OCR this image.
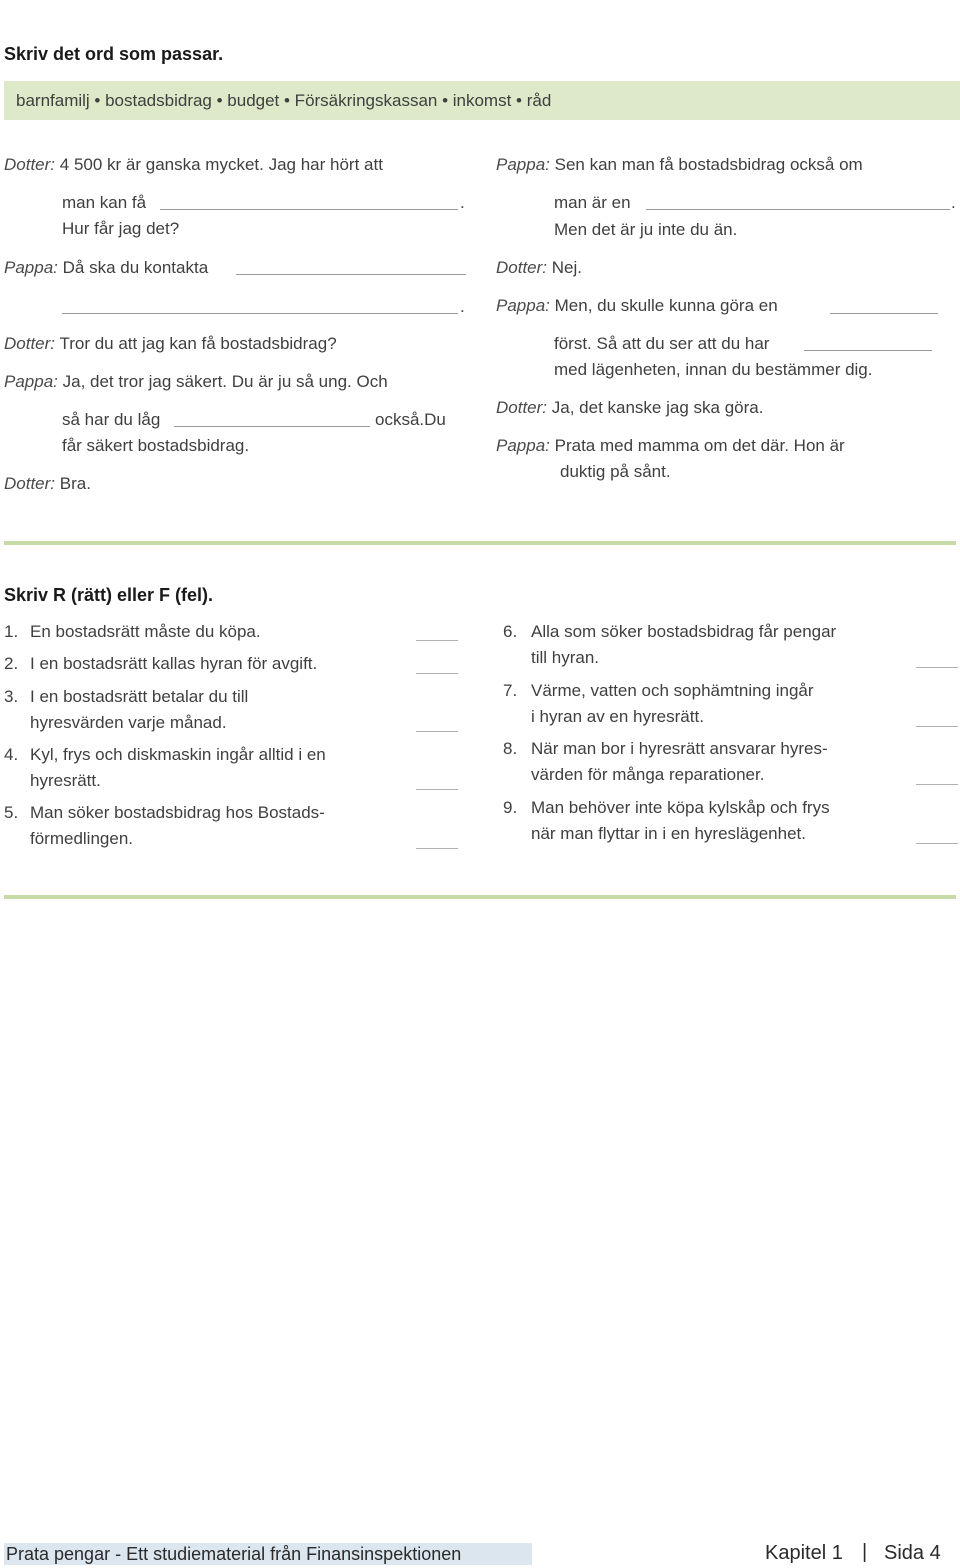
Skriv det ord som passar.
barnfamilj • bostadsbidrag • budget • Försäkringskassan • inkomst • råd
Dotter: 4 500 kr är ganska mycket. Jag har hört att
man kan få	.
Hur får jag det?
Pappa: Då ska du kontakta
.
Dotter: Tror du att jag kan få bostadsbidrag?
Pappa: Ja, det tror jag säkert. Du är ju så ung. Och
så har du låg	också.Du
får säkert bostadsbidrag.
Dotter: Bra.
Pappa: Sen kan man få bostadsbidrag också om
man är en	.
Men det är ju inte du än.
Dotter: Nej.
Pappa: Men, du skulle kunna göra en
först. Så att du ser att du har
med lägenheten, innan du bestämmer dig.
Dotter: Ja, det kanske jag ska göra.
Pappa: Prata med mamma om det där. Hon är
duktig på sånt.
Skriv R (rätt) eller F (fel).
1. En bostadsrätt måste du köpa.
2. I en bostadsrätt kallas hyran för avgift.
3. I en bostadsrätt betalar du till
hyresvärden varje månad.
4. Kyl, frys och diskmaskin ingår alltid i en
hyresrätt.
5. Man söker bostadsbidrag hos Bostads-
förmedlingen.
6. Alla som söker bostadsbidrag får pengar
till hyran.
7. Värme, vatten och sophämtning ingår
i hyran av en hyresrätt.
8. När man bor i hyresrätt ansvarar hyres-
värden för många reparationer.
9. Man behöver inte köpa kylskåp och frys
när man flyttar in i en hyreslägenhet.
Prata pengar - Ett studiematerial från Finansinspektionen	Kapitel 1 | Sida 4
